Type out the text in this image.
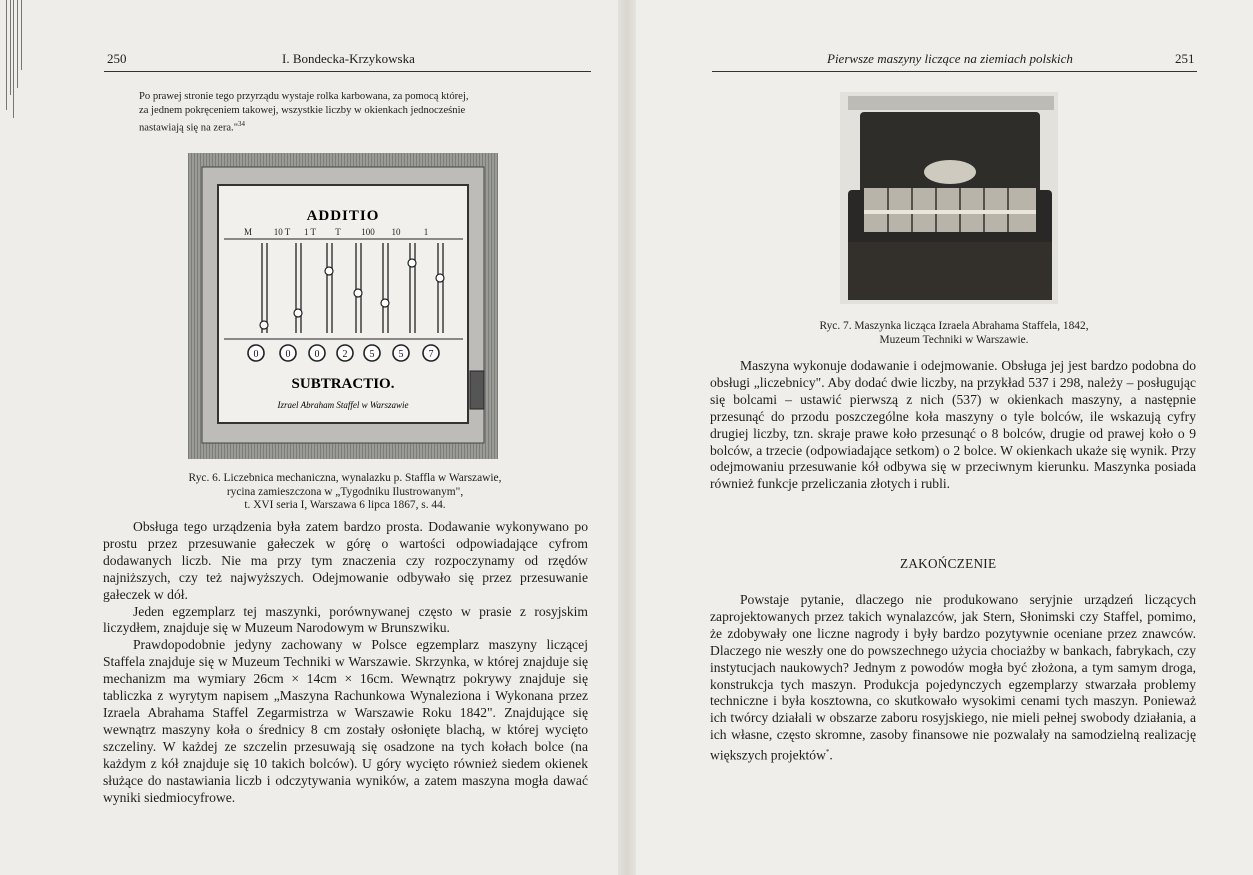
250	I. Bondecka-Krzykowska
Po prawej stronie tego przyrządu wystaje rolka karbowana, za pomocą której,
za jednem pokręceniem takowej, wszystkie liczby w okienkach jednocześnie
nastawiają się na zera."$^{34}$
ADDITIO
M 10 T 1 T T 100 10	1
0	0 0 2 5 5	7
SUBTRACTIO.
Izrael Abraham Staffel w Warszawie
Ryc. 6. Liczebnica mechaniczna, wynalazku p. Staffla w Warszawie,
rycina zamieszczona w „Tygodniku Ilustrowanym",
t. XVI seria I, Warszawa 6 lipca 1867, s. 44.

Obsługa tego urządzenia była zatem bardzo prosta. Dodawanie wykonywano po prostu przez przesuwanie gałeczek w górę o wartości odpowiadające cyfrom dodawanych liczb. Nie ma przy tym znaczenia czy rozpoczynamy od rzędów najniższych, czy też najwyższych. Odejmowanie odbywało się przez przesuwanie gałeczek w dół.

Jeden egzemplarz tej maszynki, porównywanej często w prasie z rosyjskim liczydłem, znajduje się w Muzeum Narodowym w Brunszwiku.

Prawdopodobnie jedyny zachowany w Polsce egzemplarz maszyny liczącej Staffela znajduje się w Muzeum Techniki w Warszawie. Skrzynka, w której znajduje się mechanizm ma wymiary 26cm × 14cm × 16cm. Wewnątrz pokrywy znajduje się tabliczka z wyrytym napisem „Maszyna Rachunkowa Wynaleziona i Wykonana przez Izraela Abrahama Staffel Zegarmistrza w Warszawie Roku 1842". Znajdujące się wewnątrz maszyny koła o średnicy 8 cm zostały osłonięte blachą, w której wycięto szczeliny. W każdej ze szczelin przesuwają się osadzone na tych kołach bolce (na każdym z kół znajduje się 10 takich bolców). U góry wycięto również siedem okienek służące do nastawiania liczb i odczytywania wyników, a zatem maszyna mogła dawać wyniki siedmiocyfrowe.

Pierwsze maszyny liczące na ziemiach polskich	251
Ryc. 7. Maszynka licząca Izraela Abrahama Staffela, 1842,
Muzeum Techniki w Warszawie.

Maszyna wykonuje dodawanie i odejmowanie. Obsługa jej jest bardzo podobna do obsługi „liczebnicy". Aby dodać dwie liczby, na przykład 537 i 298, należy – posługując się bolcami – ustawić pierwszą z nich (537) w okienkach maszyny, a następnie przesunąć do przodu poszczególne koła maszyny o tyle bolców, ile wskazują cyfry drugiej liczby, tzn. skraje prawe koło przesunąć o 8 bolców, drugie od prawej koło o 9 bolców, a trzecie (odpowiadające setkom) o 2 bolce. W okienkach ukaże się wynik. Przy odejmowaniu przesuwanie kół odbywa się w przeciwnym kierunku. Maszynka posiada również funkcje przeliczania złotych i rubli.

ZAKOŃCZENIE

Powstaje pytanie, dlaczego nie produkowano seryjnie urządzeń liczących zaprojektowanych przez takich wynalazców, jak Stern, Słonimski czy Staffel, pomimo, że zdobywały one liczne nagrody i były bardzo pozytywnie oceniane przez znawców. Dlaczego nie weszły one do powszechnego użycia chociażby w bankach, fabrykach, czy instytucjach naukowych? Jednym z powodów mogła być złożona, a tym samym droga, konstrukcja tych maszyn. Produkcja pojedynczych egzemplarzy stwarzała problemy techniczne i była kosztowna, co skutkowało wysokimi cenami tych maszyn. Ponieważ ich twórcy działali w obszarze zaboru rosyjskiego, nie mieli pełnej swobody działania, a ich własne, często skromne, zasoby finansowe nie pozwalały na samodzielną realizację większych projektów*.
